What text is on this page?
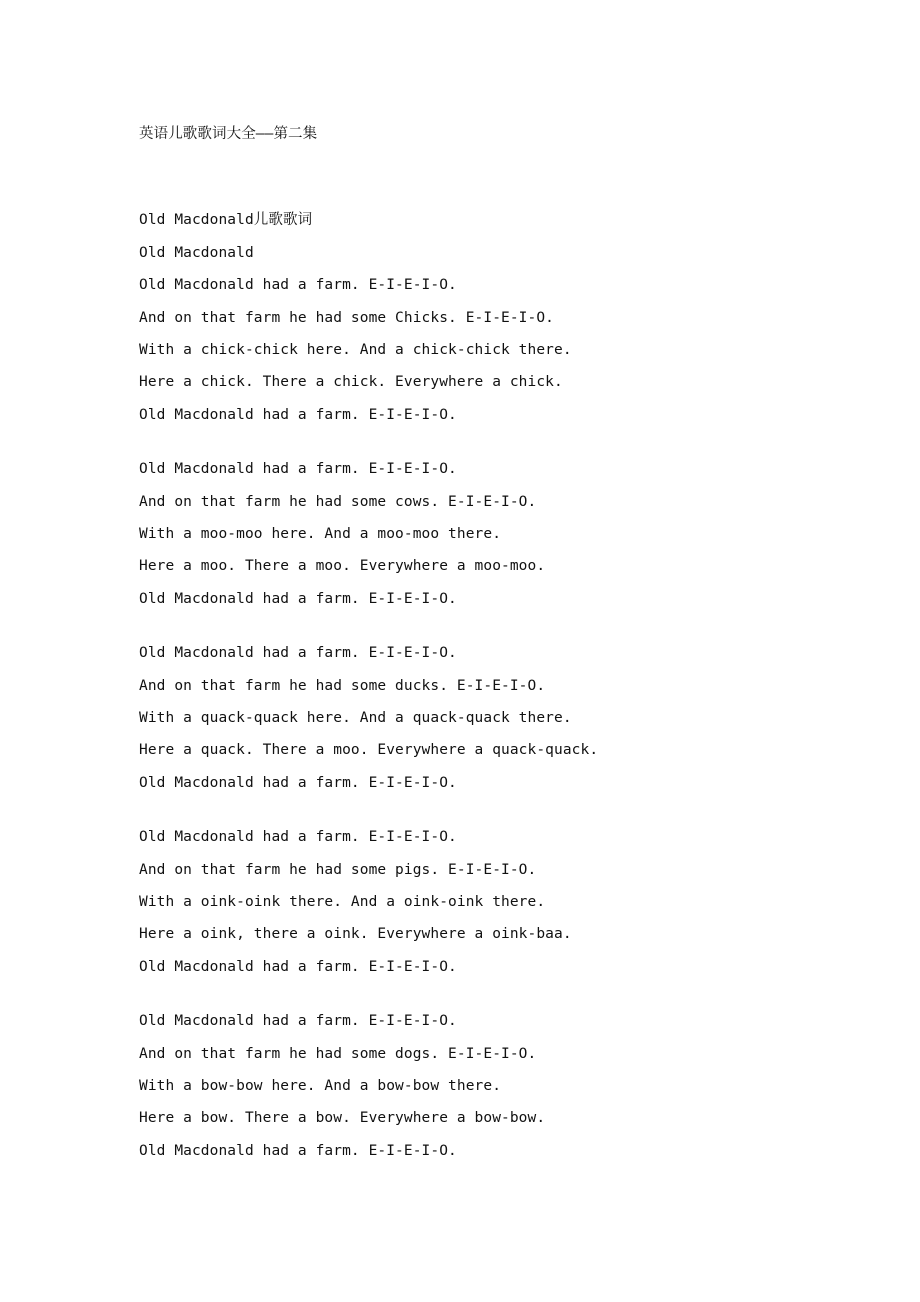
英语儿歌歌词大全——第二集
Old Macdonald儿歌歌词
Old Macdonald
Old Macdonald had a farm. E-I-E-I-O.
And on that farm he had some Chicks. E-I-E-I-O.
With a chick-chick here. And a chick-chick there.
Here a chick. There a chick. Everywhere a chick.
Old Macdonald had a farm. E-I-E-I-O.
Old Macdonald had a farm. E-I-E-I-O.
And on that farm he had some cows. E-I-E-I-O.
With a moo-moo here. And a moo-moo there.
Here a moo. There a moo. Everywhere a moo-moo.
Old Macdonald had a farm. E-I-E-I-O.
Old Macdonald had a farm. E-I-E-I-O.
And on that farm he had some ducks. E-I-E-I-O.
With a quack-quack here. And a quack-quack there.
Here a quack. There a moo. Everywhere a quack-quack.
Old Macdonald had a farm. E-I-E-I-O.
Old Macdonald had a farm. E-I-E-I-O.
And on that farm he had some pigs. E-I-E-I-O.
With a oink-oink there. And a oink-oink there.
Here a oink, there a oink. Everywhere a oink-baa.
Old Macdonald had a farm. E-I-E-I-O.
Old Macdonald had a farm. E-I-E-I-O.
And on that farm he had some dogs. E-I-E-I-O.
With a bow-bow here. And a bow-bow there.
Here a bow. There a bow. Everywhere a bow-bow.
Old Macdonald had a farm. E-I-E-I-O.
